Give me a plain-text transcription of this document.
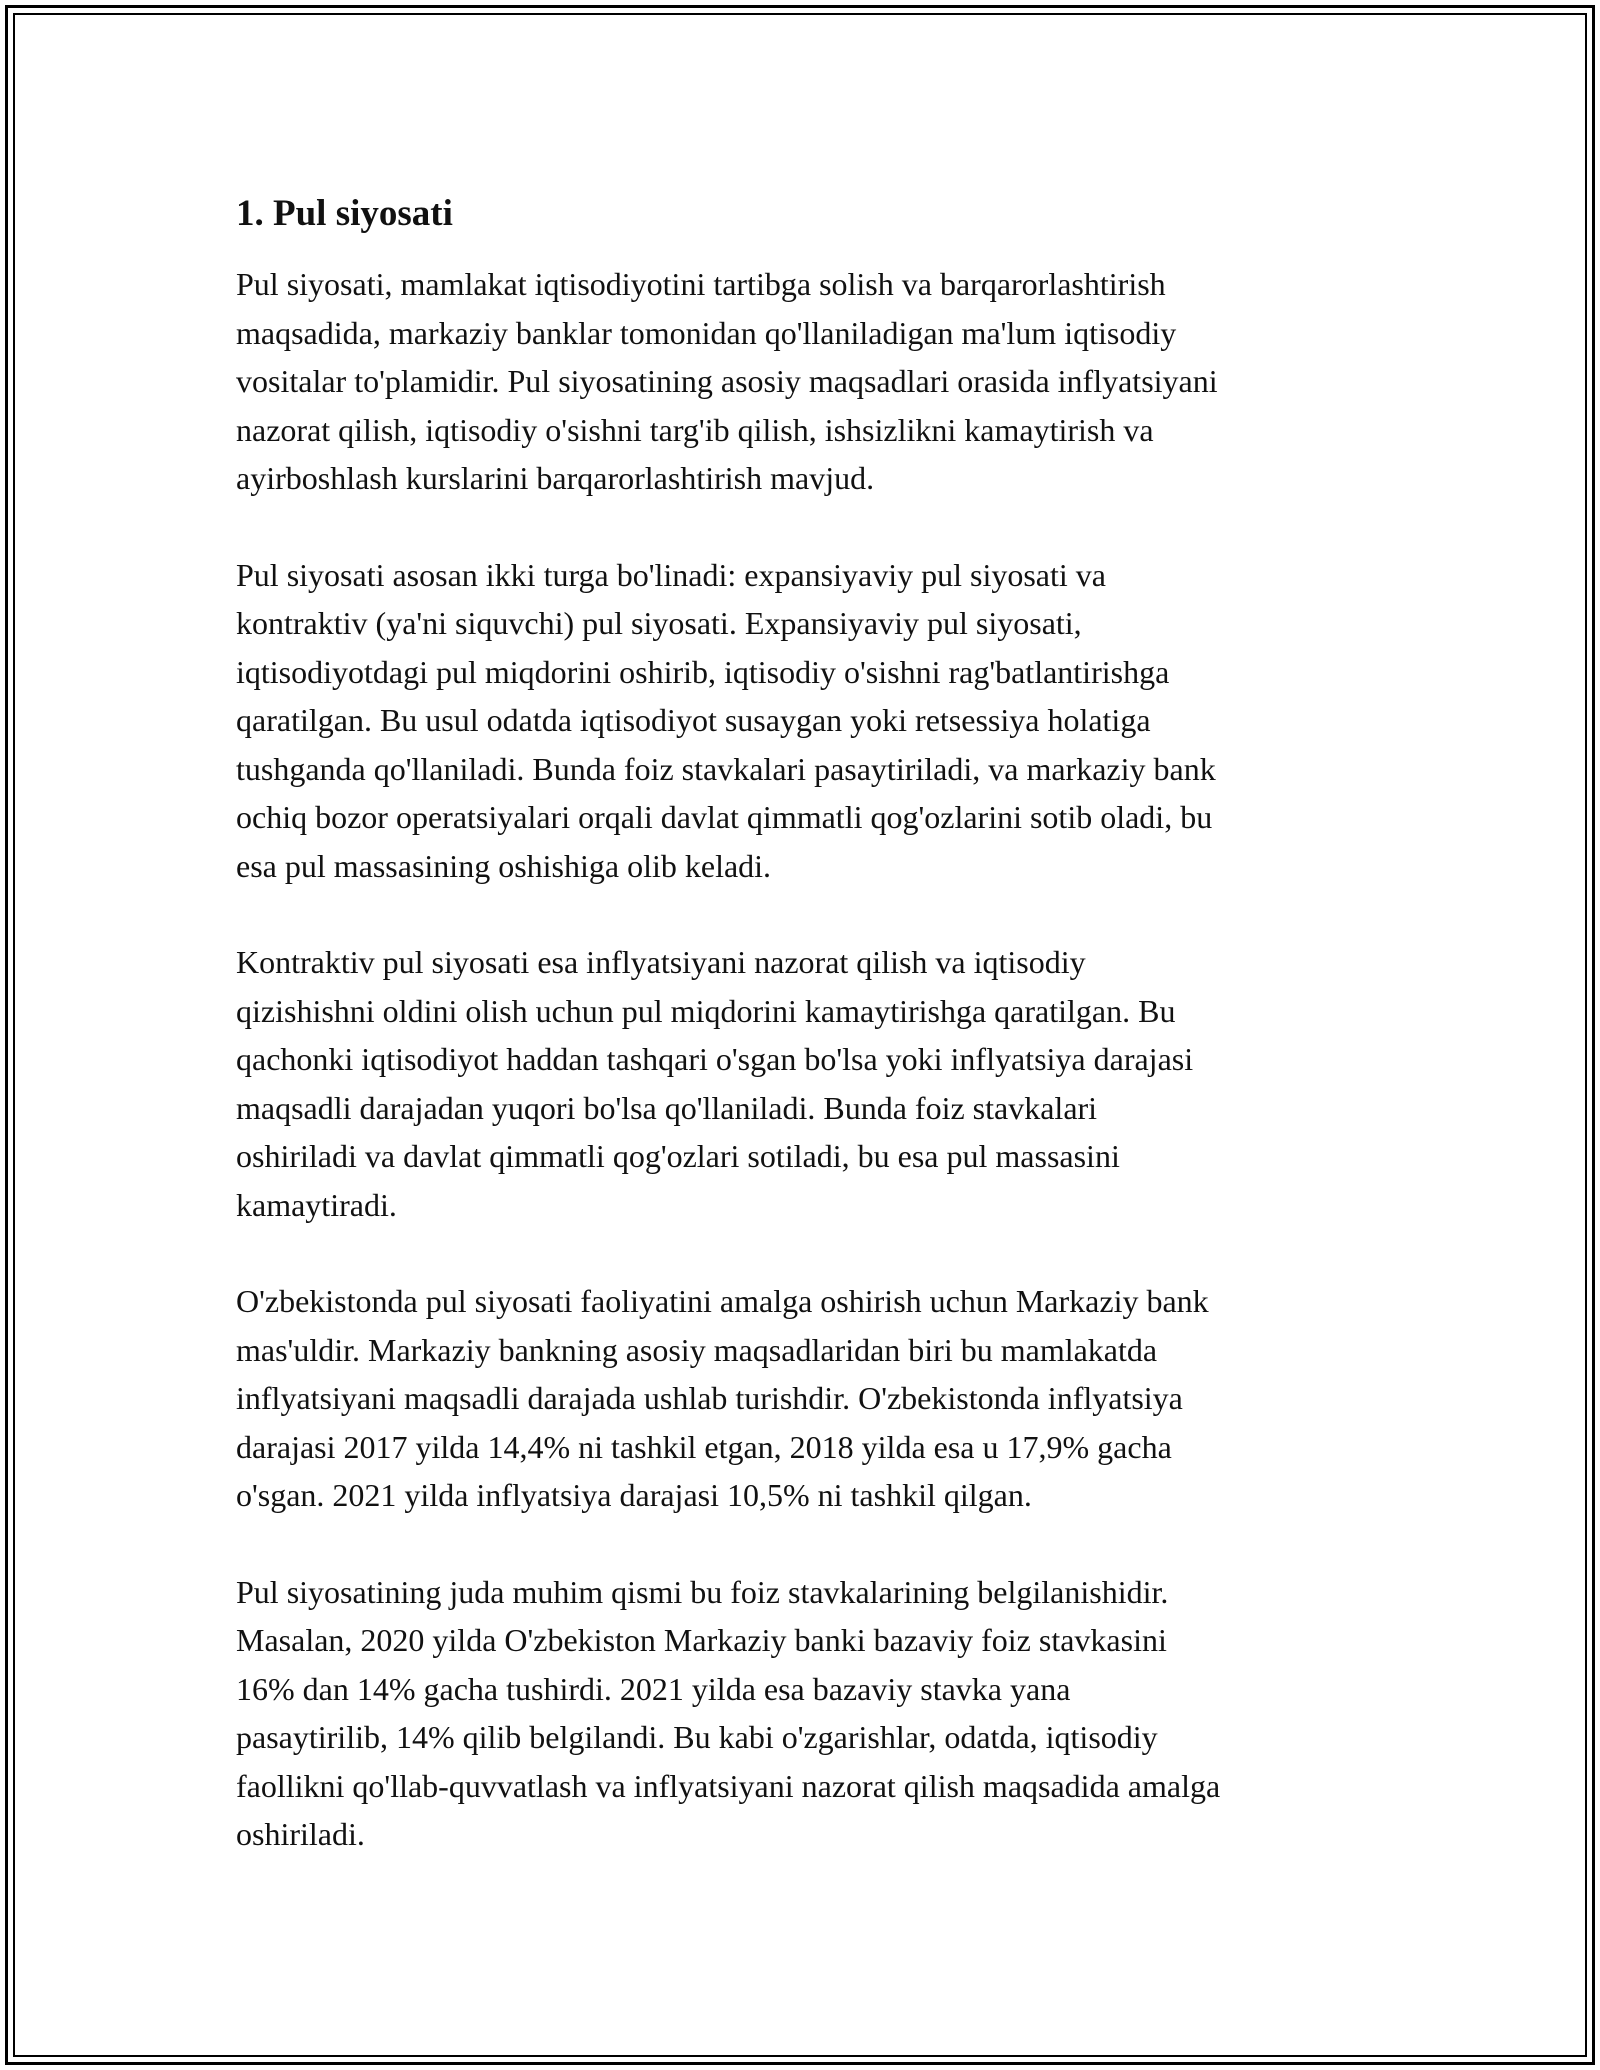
1. Pul siyosati

Pul siyosati, mamlakat iqtisodiyotini tartibga solish va barqarorlashtirish
maqsadida, markaziy banklar tomonidan qo'llaniladigan ma'lum iqtisodiy
vositalar to'plamidir. Pul siyosatining asosiy maqsadlari orasida inflyatsiyani
nazorat qilish, iqtisodiy o'sishni targ'ib qilish, ishsizlikni kamaytirish va
ayirboshlash kurslarini barqarorlashtirish mavjud.

Pul siyosati asosan ikki turga bo'linadi: expansiyaviy pul siyosati va
kontraktiv (ya'ni siquvchi) pul siyosati. Expansiyaviy pul siyosati,
iqtisodiyotdagi pul miqdorini oshirib, iqtisodiy o'sishni rag'batlantirishga
qaratilgan. Bu usul odatda iqtisodiyot susaygan yoki retsessiya holatiga
tushganda qo'llaniladi. Bunda foiz stavkalari pasaytiriladi, va markaziy bank
ochiq bozor operatsiyalari orqali davlat qimmatli qog'ozlarini sotib oladi, bu
esa pul massasining oshishiga olib keladi.

Kontraktiv pul siyosati esa inflyatsiyani nazorat qilish va iqtisodiy
qizishishni oldini olish uchun pul miqdorini kamaytirishga qaratilgan. Bu
qachonki iqtisodiyot haddan tashqari o'sgan bo'lsa yoki inflyatsiya darajasi
maqsadli darajadan yuqori bo'lsa qo'llaniladi. Bunda foiz stavkalari
oshiriladi va davlat qimmatli qog'ozlari sotiladi, bu esa pul massasini
kamaytiradi.

O'zbekistonda pul siyosati faoliyatini amalga oshirish uchun Markaziy bank
mas'uldir. Markaziy bankning asosiy maqsadlaridan biri bu mamlakatda
inflyatsiyani maqsadli darajada ushlab turishdir. O'zbekistonda inflyatsiya
darajasi 2017 yilda 14,4% ni tashkil etgan, 2018 yilda esa u 17,9% gacha
o'sgan. 2021 yilda inflyatsiya darajasi 10,5% ni tashkil qilgan.

Pul siyosatining juda muhim qismi bu foiz stavkalarining belgilanishidir.
Masalan, 2020 yilda O'zbekiston Markaziy banki bazaviy foiz stavkasini
16% dan 14% gacha tushirdi. 2021 yilda esa bazaviy stavka yana
pasaytirilib, 14% qilib belgilandi. Bu kabi o'zgarishlar, odatda, iqtisodiy
faollikni qo'llab-quvvatlash va inflyatsiyani nazorat qilish maqsadida amalga
oshiriladi.
